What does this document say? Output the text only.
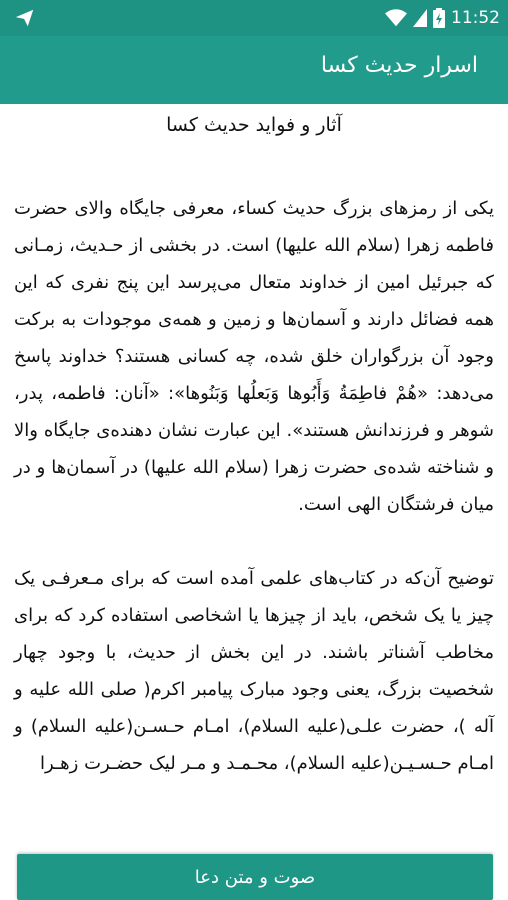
11:52
اسرار حدیث کسا
آثار و فواید حدیث کسا

یکی از رمزهای بزرگ حدیث کساء، معرفی جایگاه والای حضرت فاطمه زهرا (سلام الله علیها) است. در بخشی از حـدیث، زمـانی که جبرئیل امین از خداوند متعال می‌پرسد این پنج نفری که این همه فضائل دارند و آسمان‌ها و زمین و همه‌ی موجودات به برکت وجود آن بزرگواران خلق شده، چه کسانی هستند؟ خداوند پاسخ می‌دهد: «هُمْ فاطِمَةُ وَأَبُوها وَبَعلُها وَبَنُوها»: «آنان: فاطمه، پدر، شوهر و فرزندانش هستند». این عبارت نشان دهنده‌ی جایگاه والا و شناخته شده‌ی حضرت زهرا (سلام الله علیها) در آسمان‌ها و در میان فرشتگان الهی است.

توضیح آن‌که در کتاب‌های علمی آمده است که برای مـعرفـی یک چیز یا یک شخص، باید از چیزها یا اشخاصی استفاده کرد که برای مخاطب آشناتر باشند. در این بخش از حدیث، با وجود چهار شخصیت بزرگ، یعنی وجود مبارک پیامبر اکرم( صلی الله علیه و آله )، حضرت علـی(علیه السلام)، امـام حـسـن(علیه السلام) و امـام حـسـیـن(علیه السلام)، محـمـد و مـر لیک حضـرت زهـرا

صوت و متن دعا
